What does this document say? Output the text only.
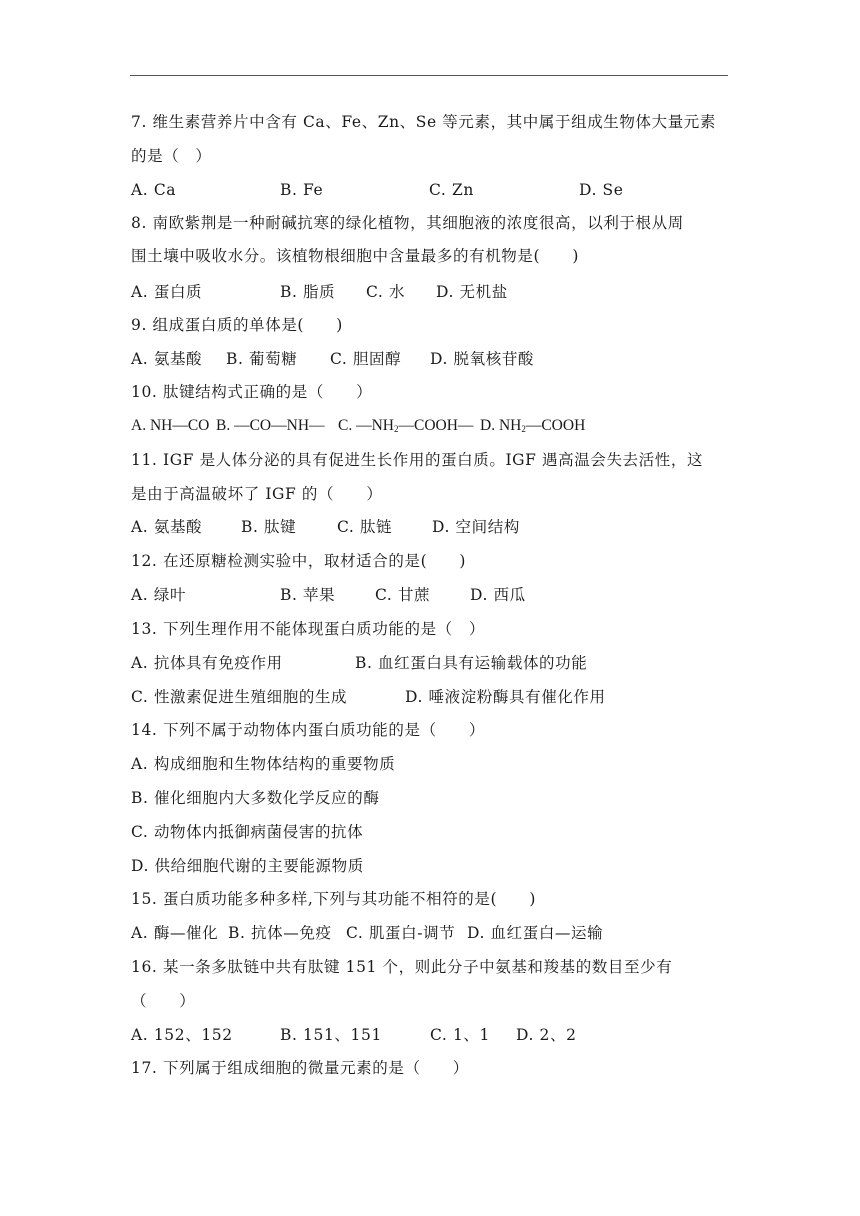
7. 维生素营养片中含有 Ca、Fe、Zn、Se 等元素，其中属于组成生物体大量元素
的是（　）
A. Ca	B. Fe	C. Zn	D. Se
8. 南欧紫荆是一种耐碱抗寒的绿化植物，其细胞液的浓度很高，以利于根从周
围土壤中吸收水分。该植物根细胞中含量最多的有机物是(　　)
A. 蛋白质	B. 脂质 C. 水 D. 无机盐
9. 组成蛋白质的单体是(　　)
A. 氨基酸 B. 葡萄糖 C. 胆固醇 D. 脱氧核苷酸
10. 肽键结构式正确的是（　　）
A. NH—CO B. —CO—NH— C. $—NH_2—COOH—$ D. $NH_2—COOH$
11. IGF 是人体分泌的具有促进生长作用的蛋白质。IGF 遇高温会失去活性，这
是由于高温破坏了 IGF 的（　　）
A. 氨基酸	B. 肽键	C. 肽链	D. 空间结构
12. 在还原糖检测实验中，取材适合的是(　　)
A. 绿叶	B. 苹果	C. 甘蔗	D. 西瓜
13. 下列生理作用不能体现蛋白质功能的是（　）
A. 抗体具有免疫作用	B. 血红蛋白具有运输载体的功能
C. 性激素促进生殖细胞的生成	D. 唾液淀粉酶具有催化作用
14. 下列不属于动物体内蛋白质功能的是（　　）
A. 构成细胞和生物体结构的重要物质
B. 催化细胞内大多数化学反应的酶
C. 动物体内抵御病菌侵害的抗体
D. 供给细胞代谢的主要能源物质
15. 蛋白质功能多种多样,下列与其功能不相符的是(　　)
A. 酶—催化 B. 抗体—免疫 C. 肌蛋白-调节 D. 血红蛋白—运输
16. 某一条多肽链中共有肽键 151 个，则此分子中氨基和羧基的数目至少有
（　　）
A. 152、152	B. 151、151	C. 1、1 D. 2、2
17. 下列属于组成细胞的微量元素的是（　　）
